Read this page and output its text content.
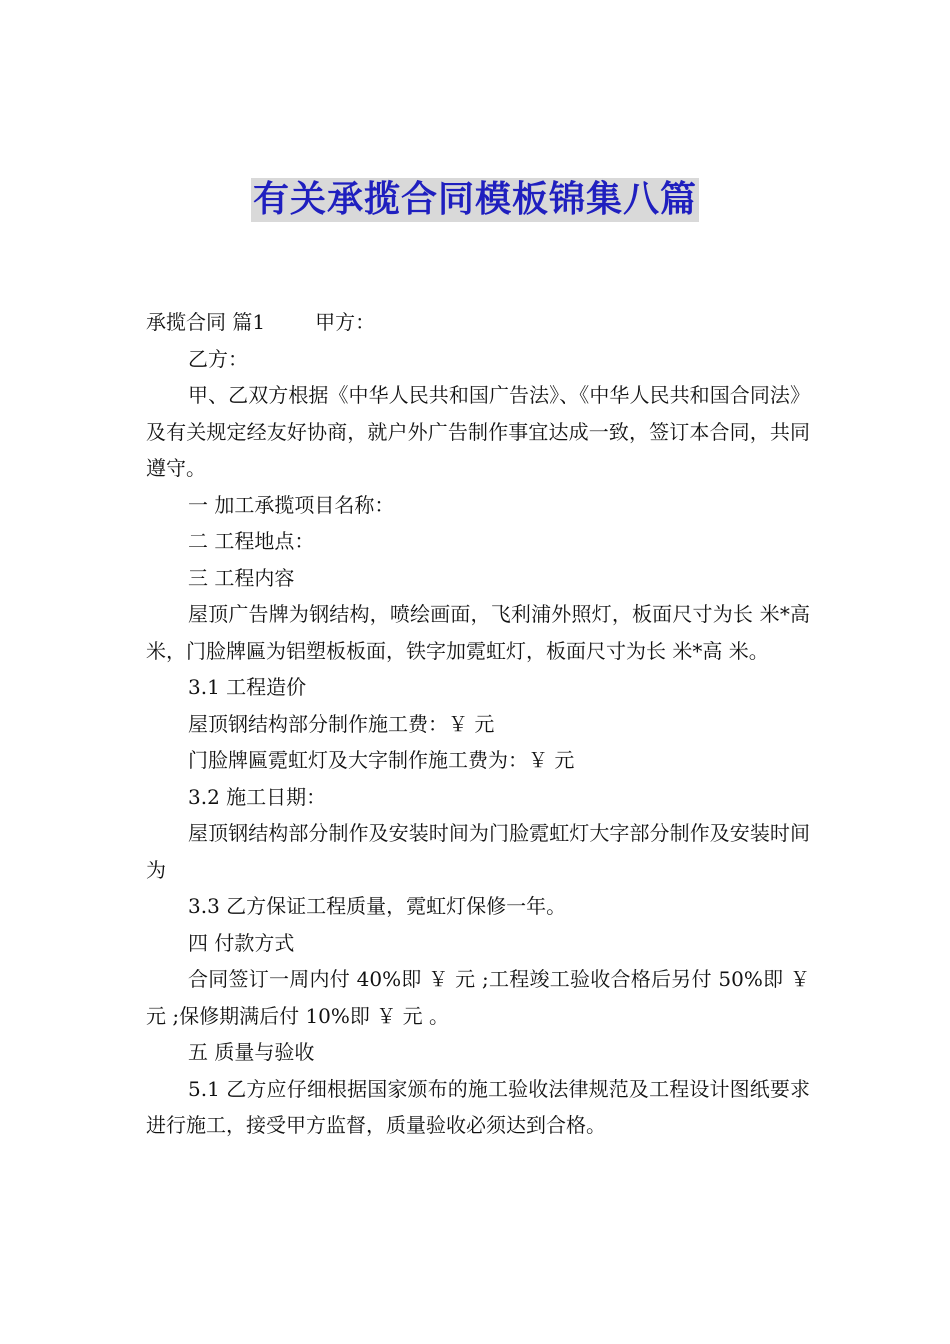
有关承揽合同模板锦集八篇

承揽合同 篇1	甲方：

乙方：

甲、乙双方根据《中华人民共和国广告法》、《中华人民共和国合同法》及有关规定经友好协商，就户外广告制作事宜达成一致，签订本合同，共同遵守。

一 加工承揽项目名称：

二 工程地点：

三 工程内容

屋顶广告牌为钢结构，喷绘画面，飞利浦外照灯，板面尺寸为长 米*高 米，门脸牌匾为铝塑板板面，铁字加霓虹灯，板面尺寸为长 米*高 米。

3.1 工程造价

屋顶钢结构部分制作施工费：￥ 元

门脸牌匾霓虹灯及大字制作施工费为：￥ 元

3.2 施工日期：

屋顶钢结构部分制作及安装时间为门脸霓虹灯大字部分制作及安装时间为

3.3 乙方保证工程质量，霓虹灯保修一年。

四 付款方式

合同签订一周内付 40%即 ￥ 元 ;工程竣工验收合格后另付 50%即 ￥ 元 ;保修期满后付 10%即 ￥ 元 。

五 质量与验收

5.1 乙方应仔细根据国家颁布的施工验收法律规范及工程设计图纸要求进行施工，接受甲方监督，质量验收必须达到合格。
